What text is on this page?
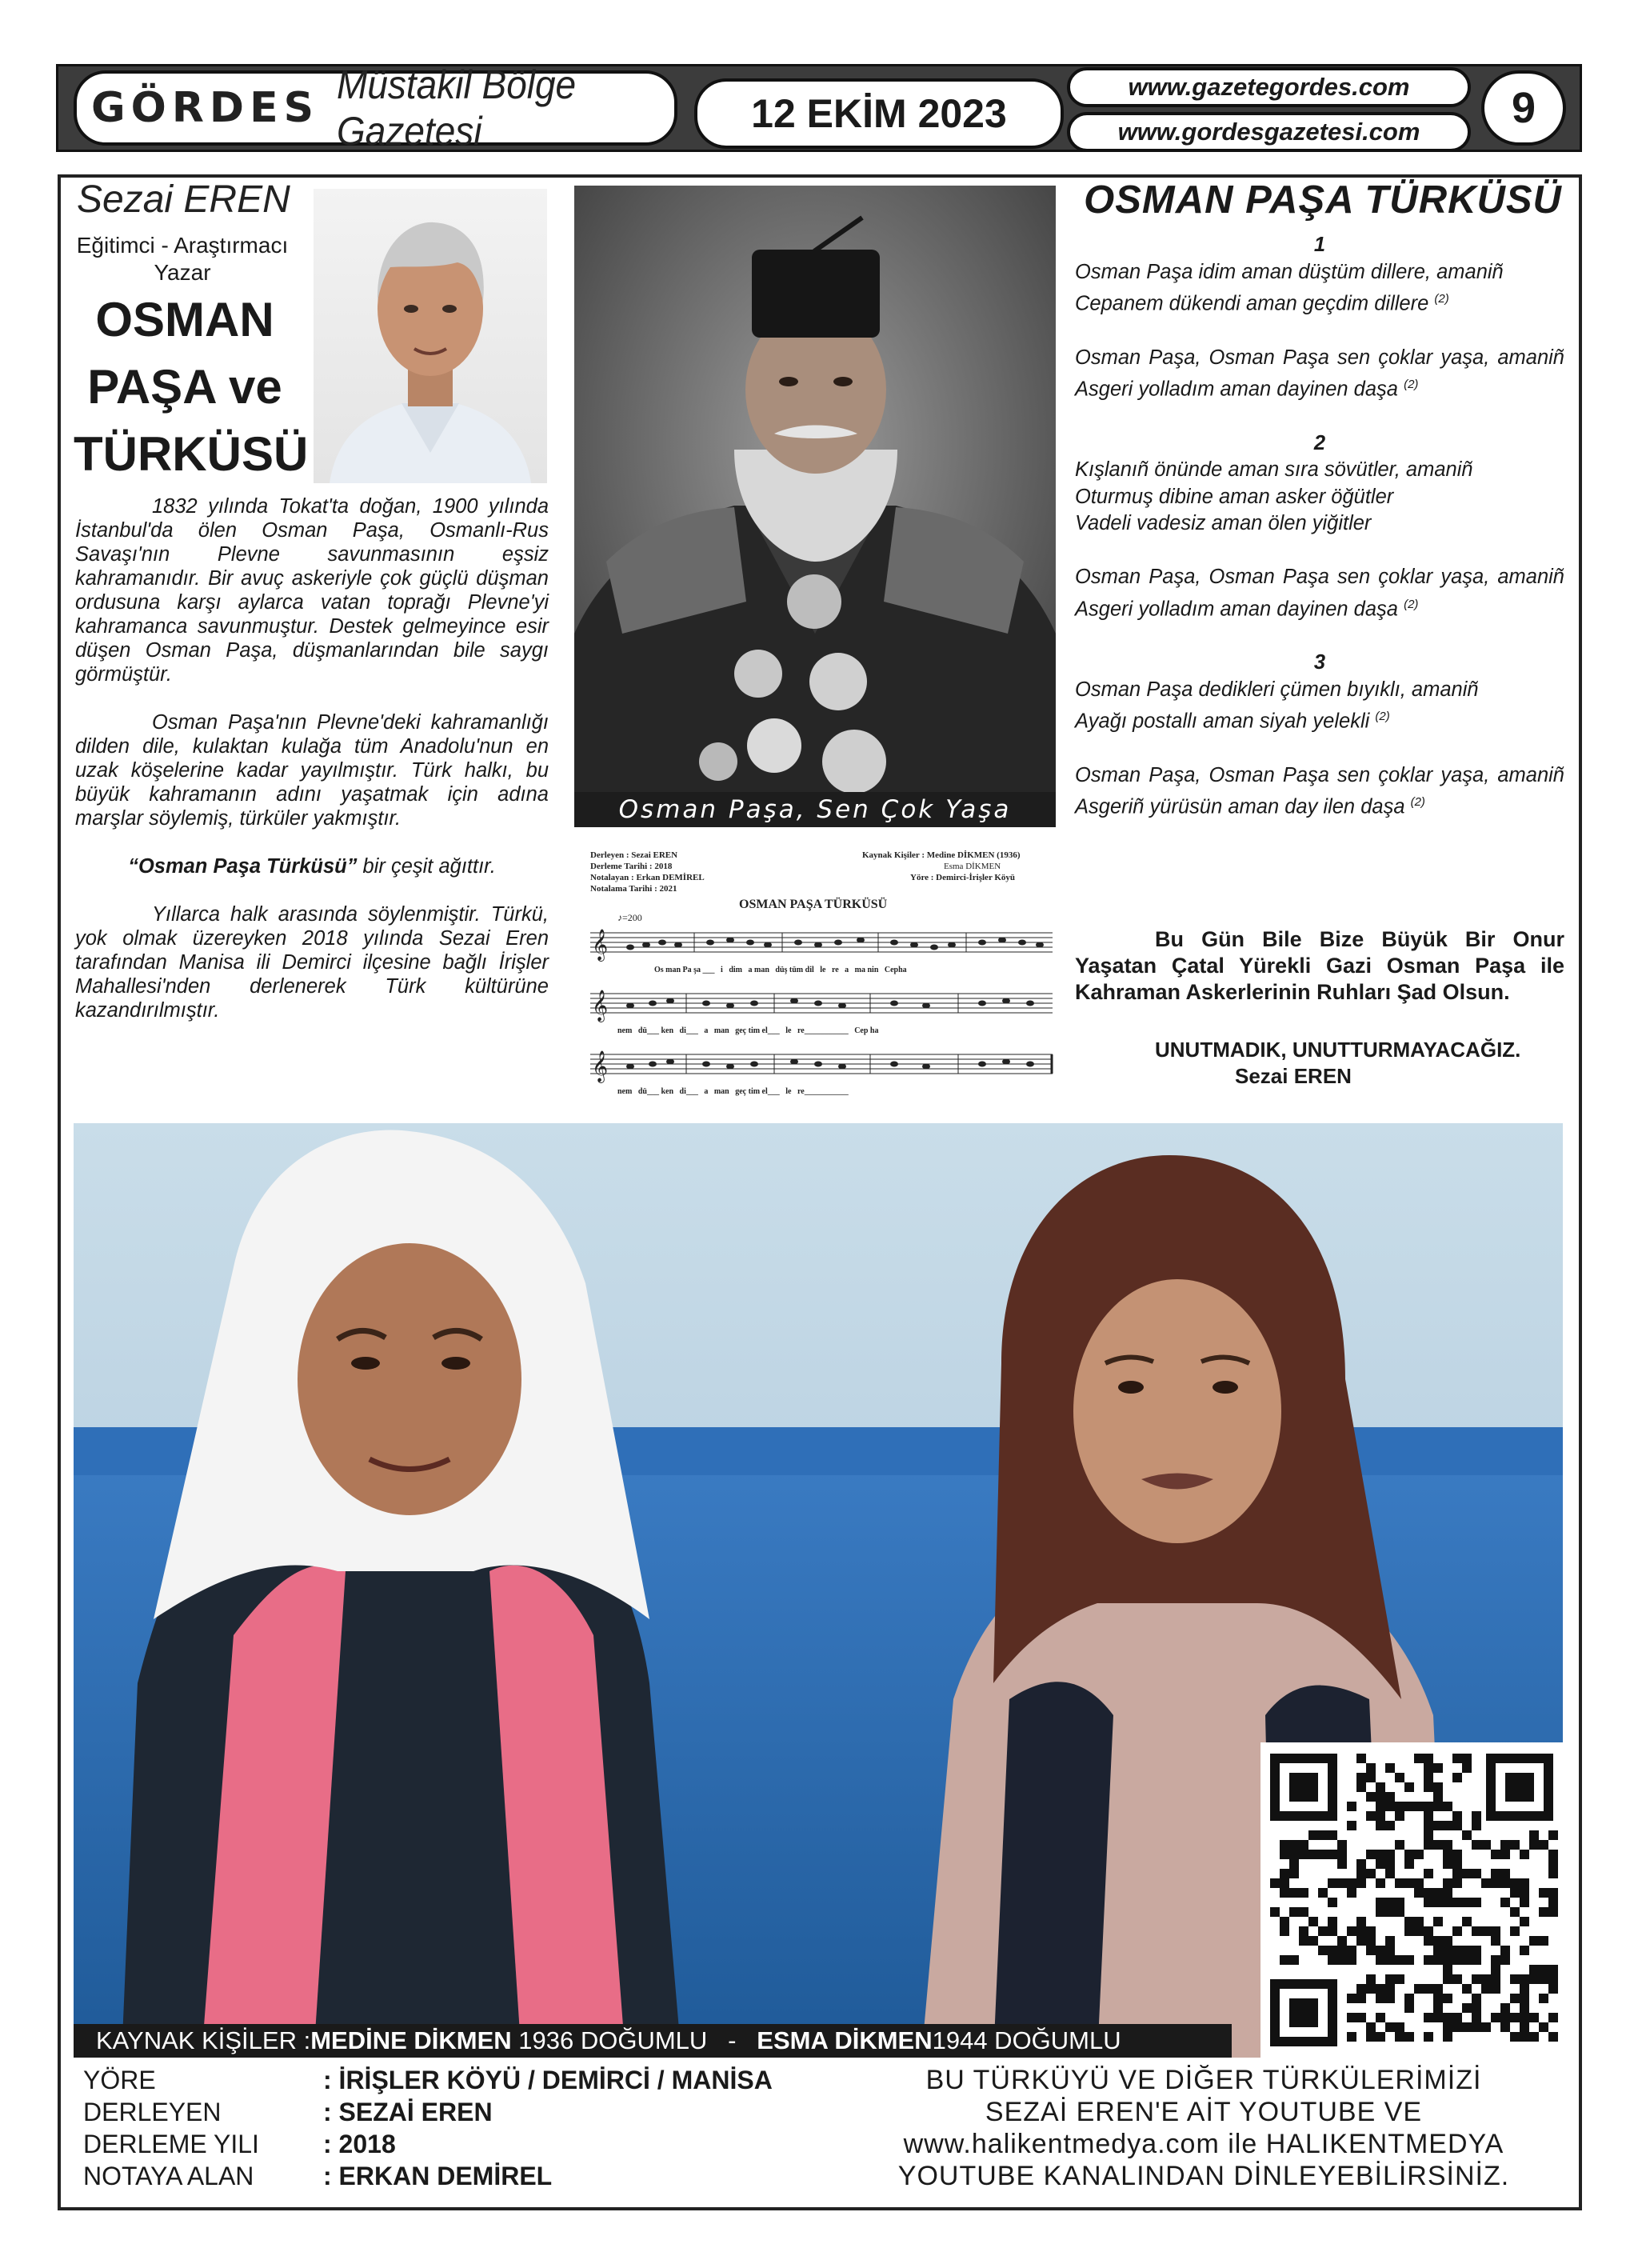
GÖRDES Müstakil Bölge Gazetesi	12 EKİM 2023
www.gazetegordes.com
www.gordesgazetesi.com	9
Sezai EREN
Eğitimci - Araştırmacı
Yazar
OSMAN
PAŞA ve
TÜRKÜSÜ

1832 yılında Tokat'ta doğan, 1900 yılında İstanbul'da ölen Osman Paşa, Osmanlı-Rus Savaşı'nın Plevne savunmasının eşsiz kahramanıdır. Bir avuç askeriyle çok güçlü düşman ordusuna karşı aylarca vatan toprağı Plevne'yi kahramanca savunmuştur. Destek gelmeyince esir düşen Osman Paşa, düşmanlarından bile saygı görmüştür.

Osman Paşa'nın Plevne'deki kahramanlığı dilden dile, kulaktan kulağa tüm Anadolu'nun en uzak köşelerine kadar yayılmıştır. Türk halkı, bu büyük kahramanın adını yaşatmak için adına marşlar söylemiş, türküler yakmıştır.

“Osman Paşa Türküsü” bir çeşit ağıttır.

Yıllarca halk arasında söylenmiştir. Türkü, yok olmak üzereyken 2018 yılında Sezai Eren tarafından Manisa ili Demirci ilçesine bağlı İrişler Mahallesi'nden derlenerek Türk kültürüne kazandırılmıştır.

Osman Paşa, Sen Çok Yaşa
Derleyen : Sezai EREN
Derleme Tarihi : 2018
Notalayan : Erkan DEMİREL
Notalama Tarihi : 2021
Kaynak Kişiler : Medine DİKMEN (1936)
Esma DİKMEN
Yöre : Demirci-İrişler Köyü
OSMAN PAŞA TÜRKÜSÜ
♪=200
𝄞
𝄞
𝄞
Os man Pa şa ___   i   dim   a man   düş tüm dil   le   re   a   ma nin   Cepha
nem   dü___ ken   di___   a   man   geç tim el___   le   re___________   Cep ha
nem   dü___ ken   di___   a   man   geç tim el___   le   re___________
OSMAN PAŞA TÜRKÜSÜ
1
Osman Paşa idim aman düştüm dillere, amaniñ
Cepanem dükendi aman geçdim dillere $^{(2)}$
Osman Paşa, Osman Paşa sen çoklar yaşa, amaniñ
Asgeri yolladım aman dayinen daşa $^{(2)}$
2
Kışlanıñ önünde aman sıra sövütler, amaniñ
Oturmuş dibine aman asker öğütler
Vadeli vadesiz aman ölen yiğitler
Osman Paşa, Osman Paşa sen çoklar yaşa, amaniñ
Asgeri yolladım aman dayinen daşa $^{(2)}$
3
Osman Paşa dedikleri çümen bıyıklı, amaniñ
Ayağı postallı aman siyah yelekli $^{(2)}$
Osman Paşa, Osman Paşa sen çoklar yaşa, amaniñ
Asgeriñ yürüsün aman day ilen daşa $^{(2)}$
Bu Gün Bile Bize Büyük Bir Onur Yaşatan Çatal Yürekli Gazi Osman Paşa ile Kahraman Askerlerinin Ruhları Şad Olsun.
UNUTMADIK, UNUTTURMAYACAĞIZ.
Sezai EREN
KAYNAK KİŞİLER : MEDİNE DİKMEN 1936 DOĞUMLU   - ESMA DİKMEN 1944 DOĞUMLU
YÖRE	: İRİŞLER KÖYÜ / DEMİRCİ / MANİSA
DERLEYEN	: SEZAİ EREN
DERLEME YILI	: 2018
NOTAYA ALAN	: ERKAN DEMİREL
BU TÜRKÜYÜ VE DİĞER TÜRKÜLERİMİZİ
SEZAİ EREN'E AİT YOUTUBE VE
www.halikentmedya.com ile HALIKENTMEDYA
YOUTUBE KANALINDAN DİNLEYEBİLİRSİNİZ.
